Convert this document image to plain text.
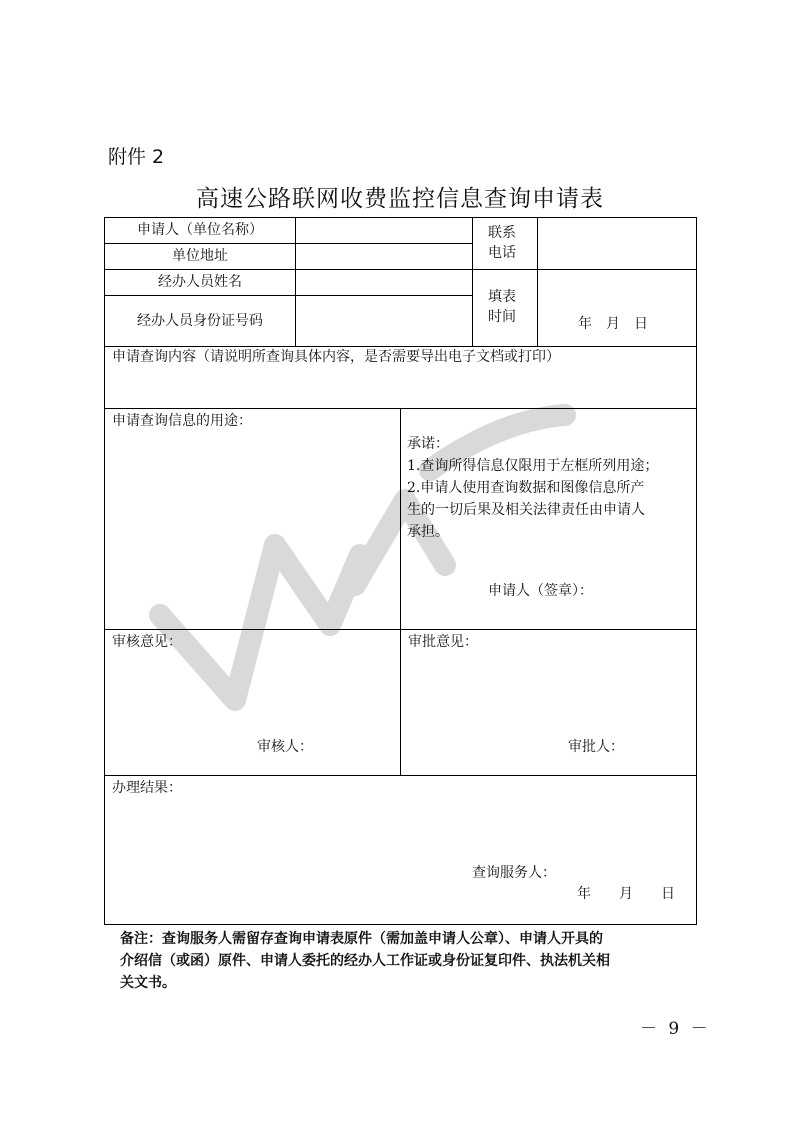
附件 2
高速公路联网收费监控信息查询申请表
申请人（单位名称）
单位地址
联系
电话
经办人员姓名
经办人员身份证号码
填表
时间	年　月　日
申请查询内容（请说明所查询具体内容，是否需要导出电子文档或打印）
申请查询信息的用途：
承诺：
1.查询所得信息仅限用于左框所列用途；
2.申请人使用查询数据和图像信息所产
生的一切后果及相关法律责任由申请人
承担。
申请人（签章）：
审核意见：
审核人：
审批意见：
审批人：
办理结果：
查询服务人：
年　　月　　日
备注：查询服务人需留存查询申请表原件（需加盖申请人公章）、申请人开具的
介绍信（或函）原件、申请人委托的经办人工作证或身份证复印件、执法机关相
关文书。
－ 9 －
